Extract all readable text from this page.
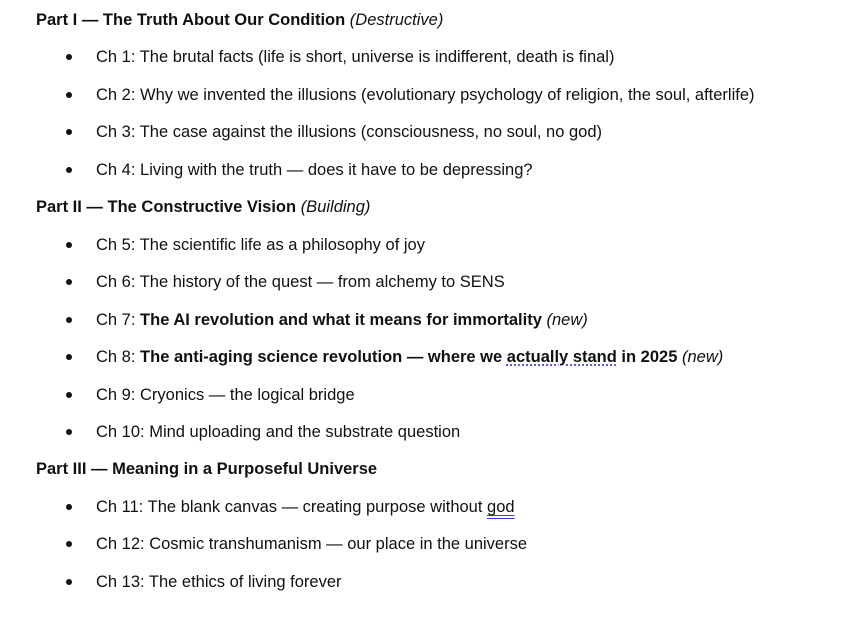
Part I — The Truth About Our Condition (Destructive)
Ch 1: The brutal facts (life is short, universe is indifferent, death is final)
Ch 2: Why we invented the illusions (evolutionary psychology of religion, the soul, afterlife)
Ch 3: The case against the illusions (consciousness, no soul, no god)
Ch 4: Living with the truth — does it have to be depressing?
Part II — The Constructive Vision (Building)
Ch 5: The scientific life as a philosophy of joy
Ch 6: The history of the quest — from alchemy to SENS
Ch 7: The AI revolution and what it means for immortality (new)
Ch 8: The anti-aging science revolution — where we actually stand in 2025 (new)
Ch 9: Cryonics — the logical bridge
Ch 10: Mind uploading and the substrate question
Part III — Meaning in a Purposeful Universe
Ch 11: The blank canvas — creating purpose without god
Ch 12: Cosmic transhumanism — our place in the universe
Ch 13: The ethics of living forever
